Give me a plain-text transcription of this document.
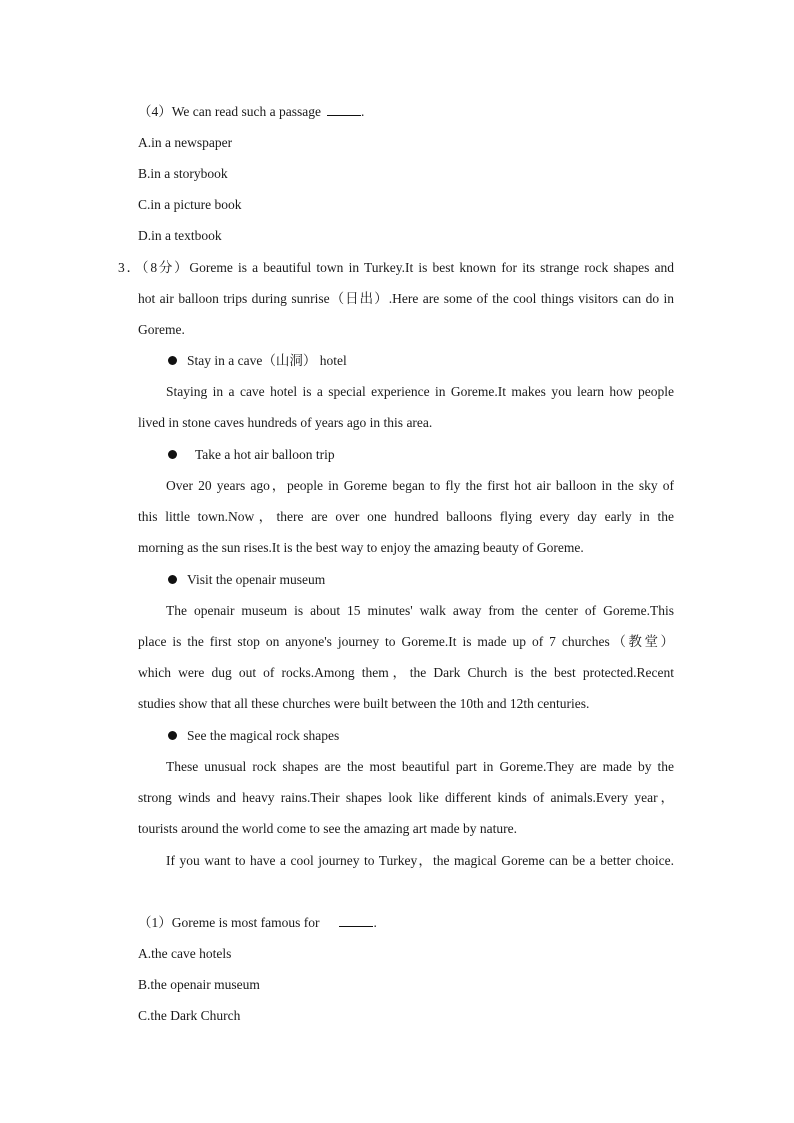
（4）We can read such a passage	.
A.in a newspaper
B.in a storybook
C.in a picture book
D.in a textbook
3．（8分）Goreme is a beautiful town in Turkey.It is best known for its strange rock shapes and
hot air balloon trips during sunrise（日出）.Here are some of the cool things visitors can do in
Goreme.
Stay in a cave（山洞） hotel
Staying in a cave hotel is a special experience in Goreme.It makes you learn how people
lived in stone caves hundreds of years ago in this area.
Take a hot air balloon trip
Over 20 years ago，people in Goreme began to fly the first hot air balloon in the sky of
this little town.Now，there are over one hundred balloons flying every day early in the
morning as the sun rises.It is the best way to enjoy the amazing beauty of Goreme.
Visit the openair museum
The openair museum is about 15 minutes' walk away from the center of Goreme.This
place is the first stop on anyone's journey to Goreme.It is made up of 7 churches（教堂）
which were dug out of rocks.Among them，the Dark Church is the best protected.Recent
studies show that all these churches were built between the 10th and 12th centuries.
See the magical rock shapes
These unusual rock shapes are the most beautiful part in Goreme.They are made by the
strong winds and heavy rains.Their shapes look like different kinds of animals.Every year，
tourists around the world come to see the amazing art made by nature.
If you want to have a cool journey to Turkey，the magical Goreme can be a better choice.
（1）Goreme is most famous for	.
A.the cave hotels
B.the openair museum
C.the Dark Church
